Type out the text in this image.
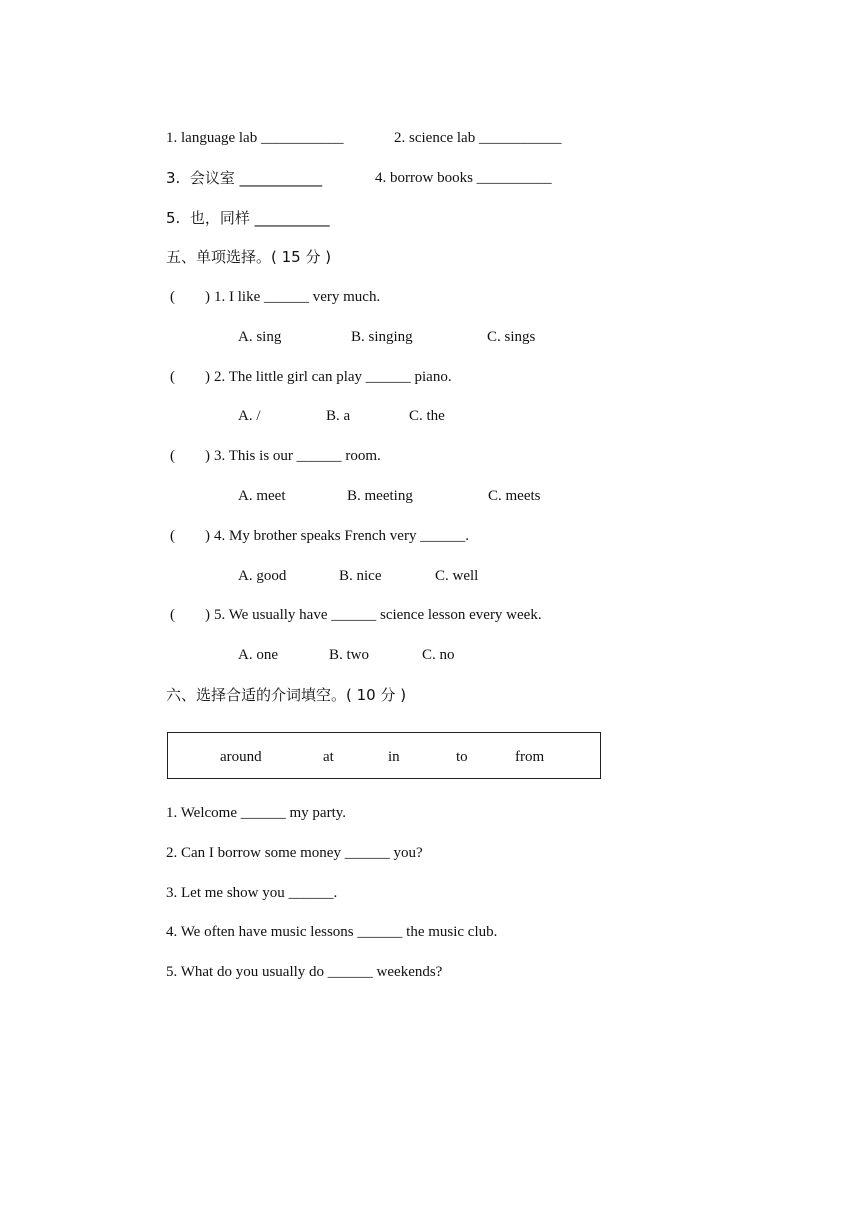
1. language lab ___________	2. science lab ___________
3.  会议室 ___________	4. borrow books __________
5.  也，同样 __________
五、单项选择。( 15 分 )
(        ) 1. I like ______ very much.
A. sing	B. singing	C. sings
(        ) 2. The little girl can play ______ piano.
A. /	B. a	C. the
(        ) 3. This is our ______ room.
A. meet	B. meeting	C. meets
(        ) 4. My brother speaks French very ______.
A. good	B. nice	C. well
(        ) 5. We usually have ______ science lesson every week.
A. one	B. two	C. no
六、选择合适的介词填空。( 10 分 )
around	at	in	to	from
1. Welcome ______ my party.
2. Can I borrow some money ______ you?
3. Let me show you ______.
4. We often have music lessons ______ the music club.
5. What do you usually do ______ weekends?
